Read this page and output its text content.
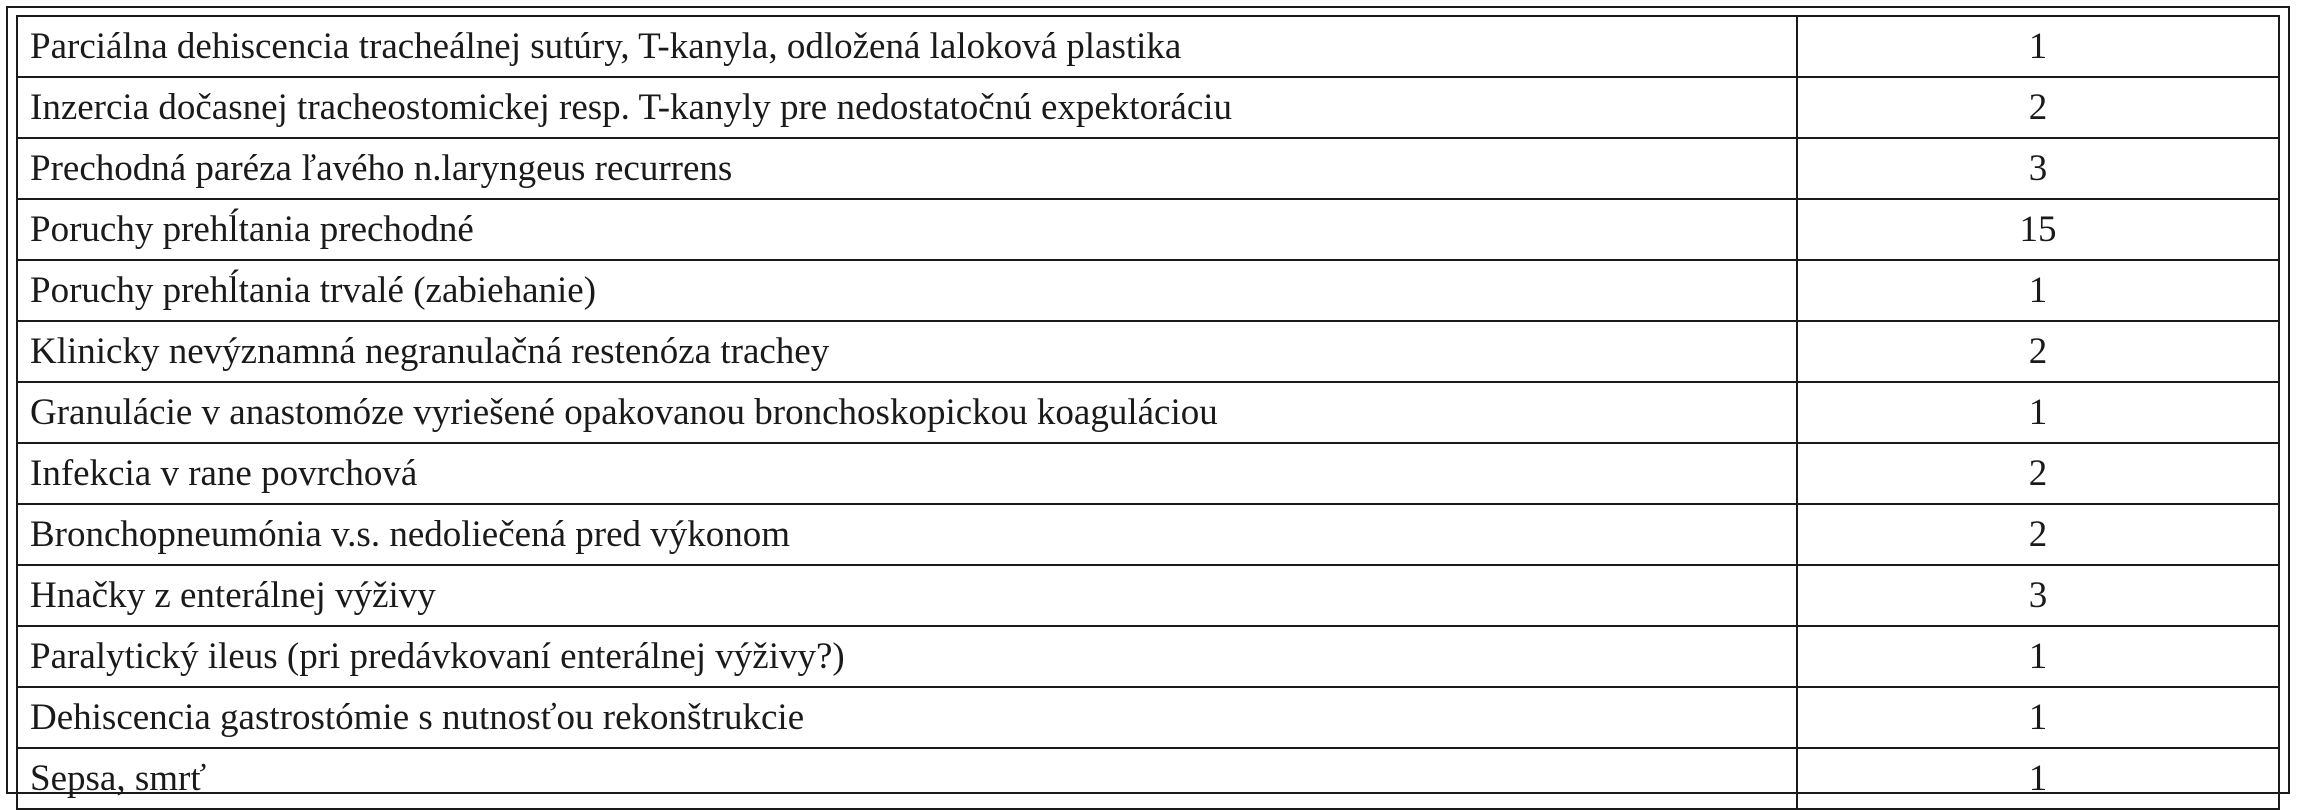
Parciálna dehiscencia tracheálnej sutúry, T-kanyla, odložená laloková plastika	1
Inzercia dočasnej tracheostomickej resp. T-kanyly pre nedostatočnú expektoráciu	2
Prechodná paréza ľavého n.laryngeus recurrens	3
Poruchy prehĺtania prechodné	15
Poruchy prehĺtania trvalé (zabiehanie)	1
Klinicky nevýznamná negranulačná restenóza trachey	2
Granulácie v anastomóze vyriešené opakovanou bronchoskopickou koaguláciou	1
Infekcia v rane povrchová	2
Bronchopneumónia v.s. nedoliečená pred výkonom	2
Hnačky z enterálnej výživy	3
Paralytický ileus (pri predávkovaní enterálnej výživy?)	1
Dehiscencia gastrostómie s nutnosťou rekonštrukcie	1
Sepsa, smrť	1
